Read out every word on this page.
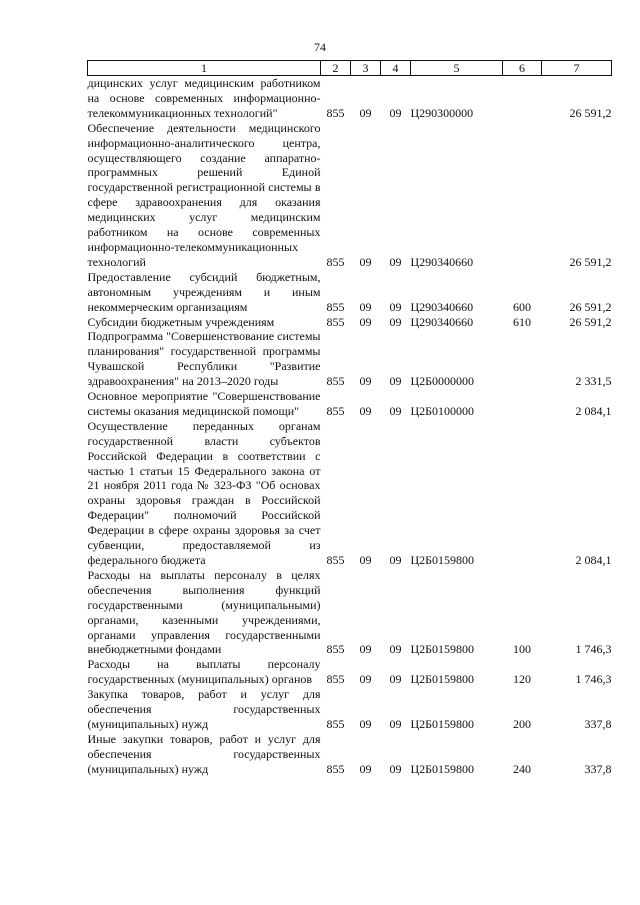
74
1	2	3	4	5	6	7
дицинских услуг медицинским работником на основе современных информационно-телекоммуникационных технологий"	855	09	09	Ц290300000		26 591,2
Обеспечение деятельности медицинского информационно-аналитического центра, осуществляющего создание аппаратно-программных решений Единой государственной регистрационной системы в сфере здравоохранения для оказания медицинских услуг медицинским работником на основе современных информационно-телекоммуникационных технологий	855	09	09	Ц290340660		26 591,2
Предоставление субсидий бюджетным, автономным учреждениям и иным некоммерческим организациям	855	09	09	Ц290340660	600	26 591,2
Субсидии бюджетным учреждениям	855	09	09	Ц290340660	610	26 591,2
Подпрограмма "Совершенствование системы планирования" государственной программы Чувашской Республики "Развитие здравоохранения" на 2013–2020 годы	855	09	09	Ц2Б0000000		2 331,5
Основное мероприятие "Совершенствование системы оказания медицинской помощи"	855	09	09	Ц2Б0100000		2 084,1
Осуществление переданных органам государственной власти субъектов Российской Федерации в соответствии с частью 1 статьи 15 Федерального закона от 21 ноября 2011 года № 323-ФЗ "Об основах охраны здоровья граждан в Российской Федерации" полномочий Российской Федерации в сфере охраны здоровья за счет субвенции, предоставляемой из федерального бюджета	855	09	09	Ц2Б0159800		2 084,1
Расходы на выплаты персоналу в целях обеспечения выполнения функций государственными (муниципальными) органами, казенными учреждениями, органами управления государственными внебюджетными фондами	855	09	09	Ц2Б0159800	100	1 746,3
Расходы на выплаты персоналу государственных (муниципальных) органов	855	09	09	Ц2Б0159800	120	1 746,3
Закупка товаров, работ и услуг для обеспечения государственных (муниципальных) нужд	855	09	09	Ц2Б0159800	200	337,8
Иные закупки товаров, работ и услуг для обеспечения государственных (муниципальных) нужд	855	09	09	Ц2Б0159800	240	337,8
